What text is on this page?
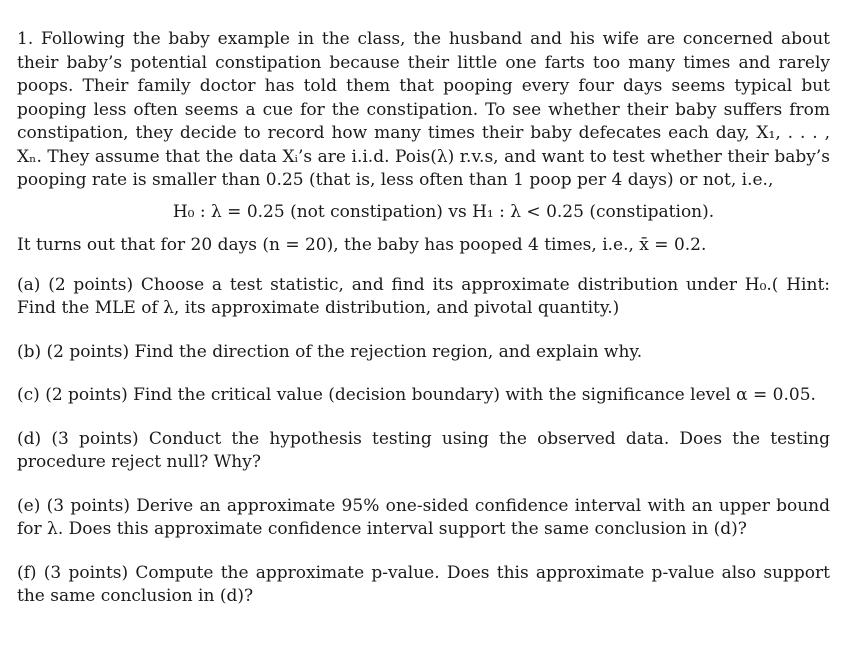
1. Following the baby example in the class, the husband and his wife are concerned about their baby’s potential constipation because their little one farts too many times and rarely poops. Their family doctor has told them that pooping every four days seems typical but pooping less often seems a cue for the constipation. To see whether their baby suffers from constipation, they decide to record how many times their baby defecates each day, X₁, . . . , Xₙ. They assume that the data Xᵢ’s are i.i.d. Pois(λ) r.v.s, and want to test whether their baby’s pooping rate is smaller than 0.25 (that is, less often than 1 poop per 4 days) or not, i.e.,

H₀ : λ = 0.25 (not constipation) vs H₁ : λ < 0.25 (constipation).

It turns out that for 20 days (n = 20), the baby has pooped 4 times, i.e., x̄ = 0.2.

(a) (2 points) Choose a test statistic, and find its approximate distribution under H₀.( Hint: Find the MLE of λ, its approximate distribution, and pivotal quantity.)

(b) (2 points) Find the direction of the rejection region, and explain why.

(c) (2 points) Find the critical value (decision boundary) with the significance level α = 0.05.

(d) (3 points) Conduct the hypothesis testing using the observed data. Does the testing procedure reject null? Why?

(e) (3 points) Derive an approximate 95% one-sided confidence interval with an upper bound for λ. Does this approximate confidence interval support the same conclusion in (d)?

(f) (3 points) Compute the approximate p-value. Does this approximate p-value also support the same conclusion in (d)?
